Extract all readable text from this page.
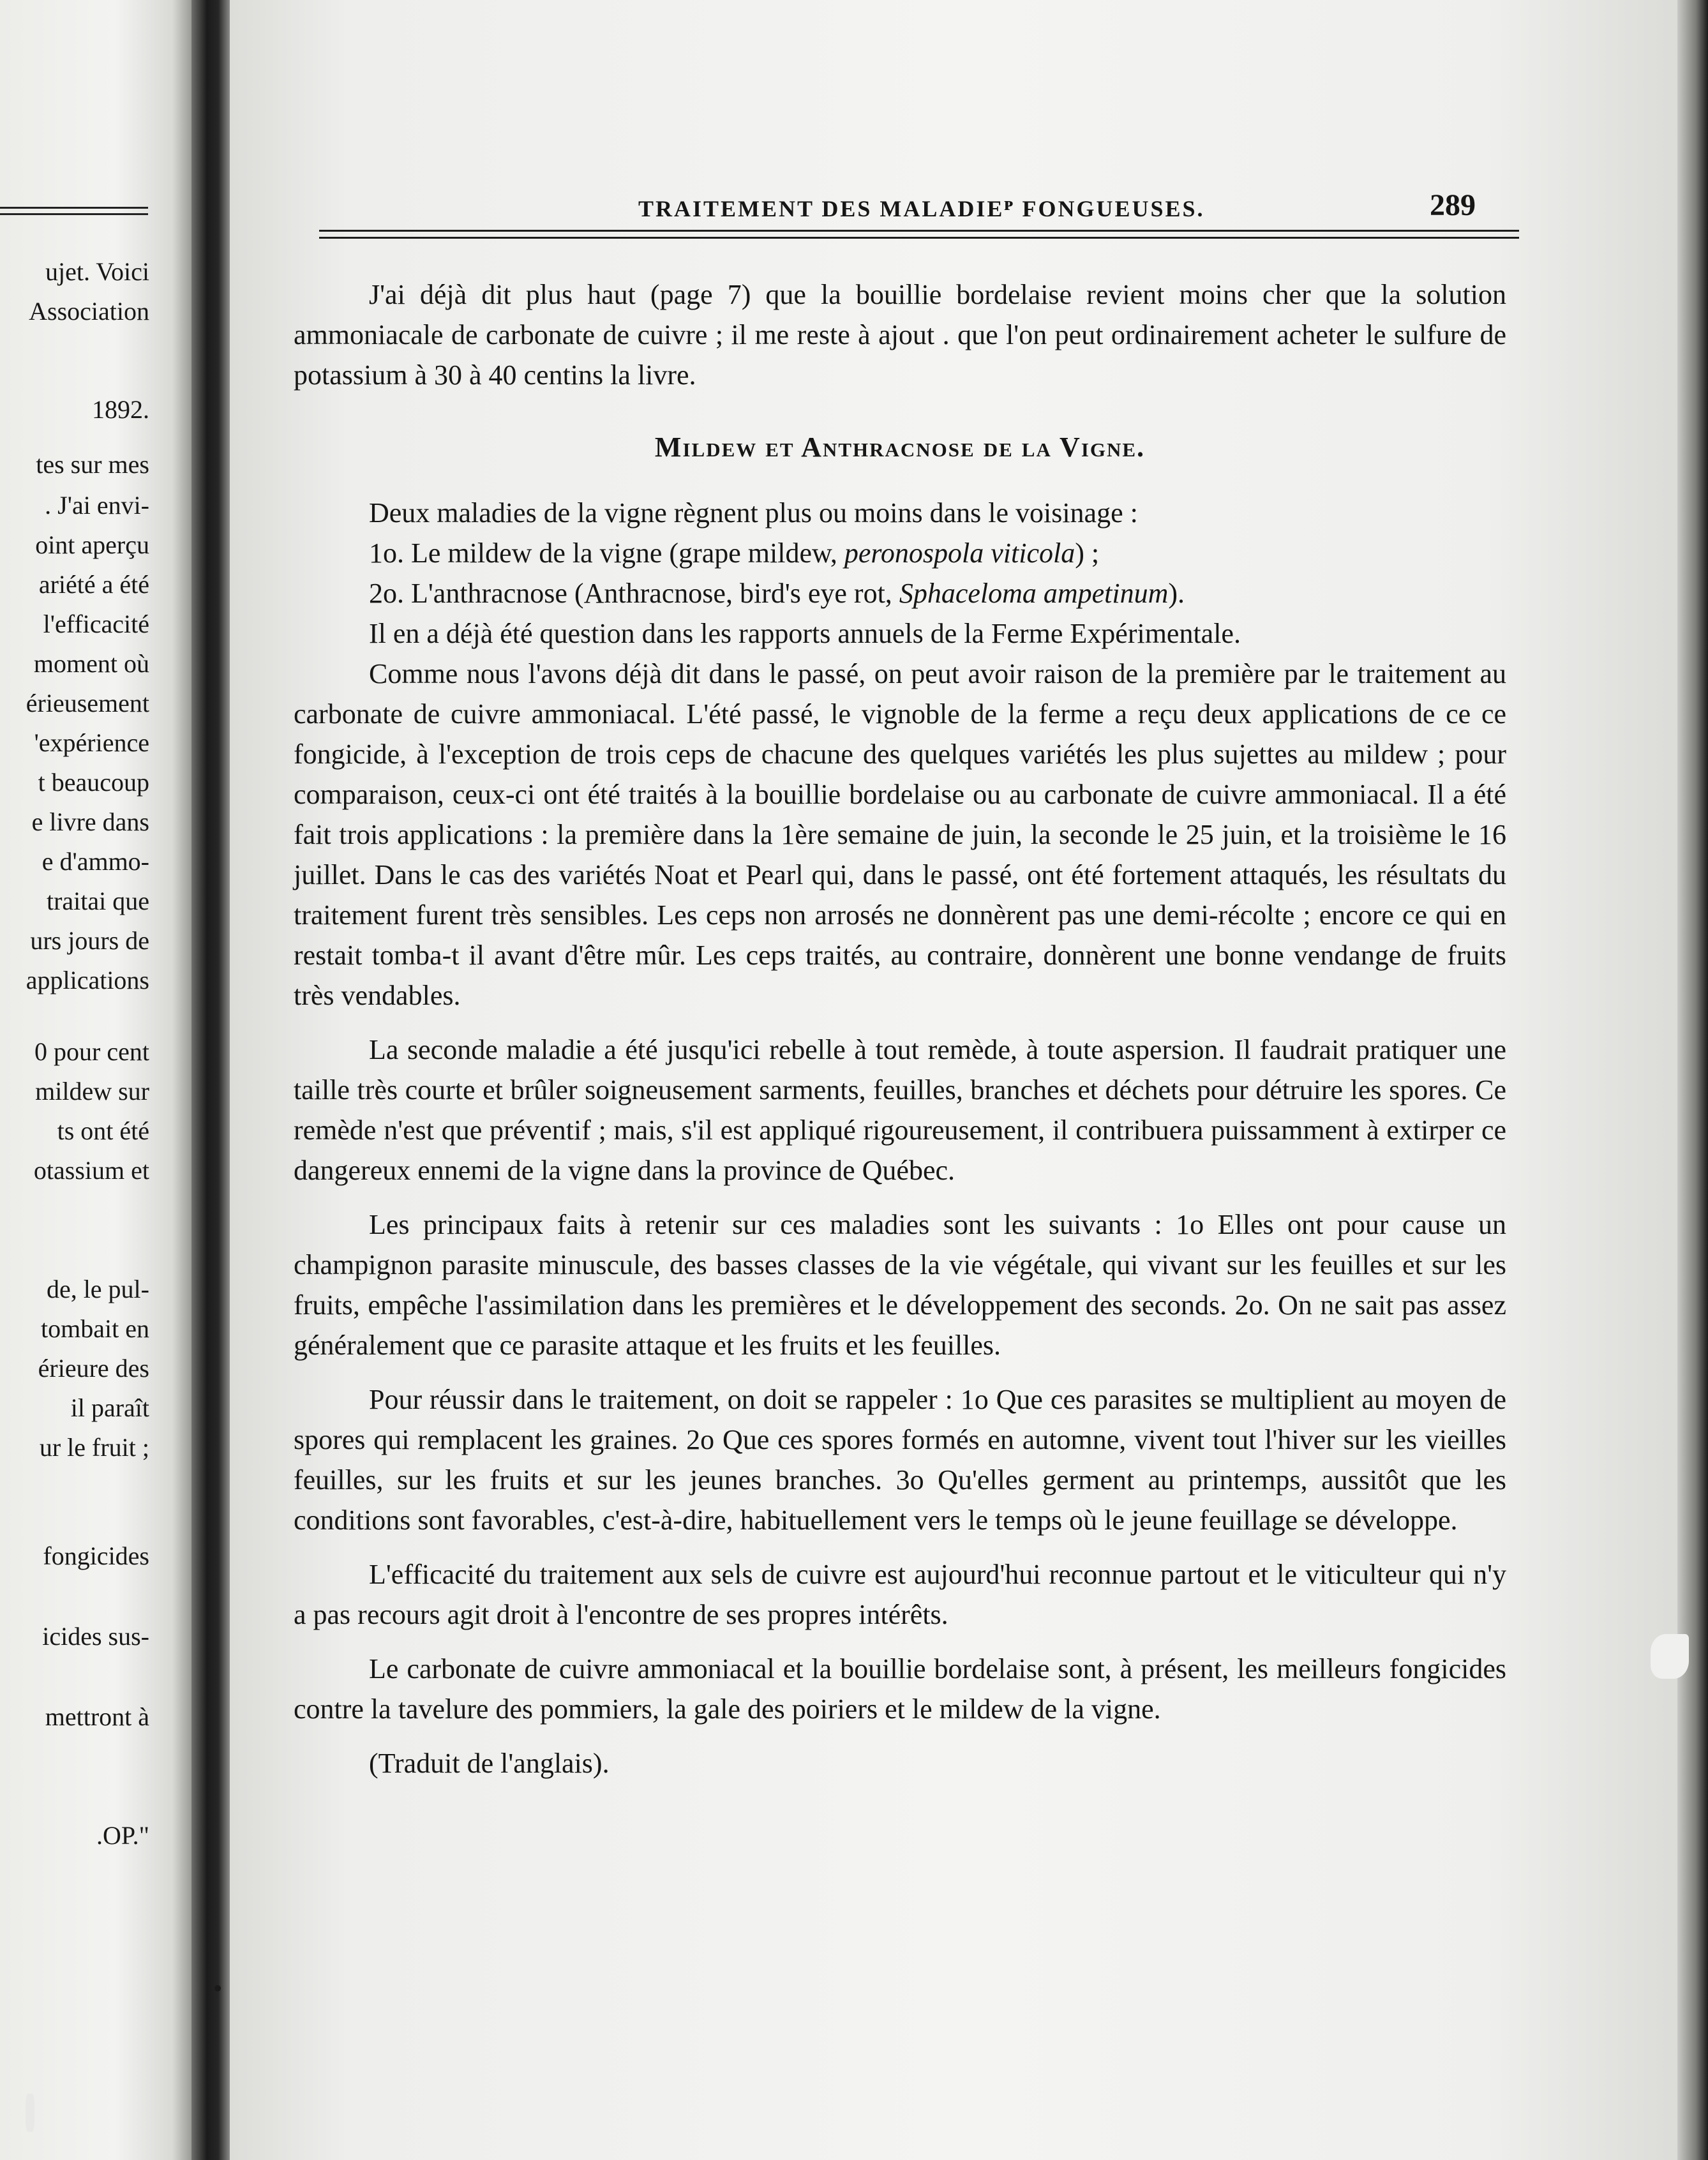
ujet. Voici

Association

1892.

tes sur mes

. J'ai envi-

oint aperçu

ariété a été

l'efficacité

moment où

érieusement

'expérience

t beaucoup

e livre dans

e d'ammo-

traitai que

urs jours de

applications

0 pour cent

mildew sur

ts ont été

otassium et

de, le pul-

tombait en

érieure des

il paraît

ur le fruit ;

fongicides

icides sus-

mettront à

.OP."

TRAITEMENT DES MALADIEᴾ FONGUEUSES.	289

J'ai déjà dit plus haut (page 7) que la bouillie bordelaise revient moins cher que la solution ammoniacale de carbonate de cuivre ; il me reste à ajout . que l'on peut ordinairement acheter le sulfure de potassium à 30 à 40 centins la livre.

Mildew et Anthracnose de la Vigne.

Deux maladies de la vigne règnent plus ou moins dans le voisinage :

1o. Le mildew de la vigne (grape mildew, peronospola viticola) ;

2o. L'anthracnose (Anthracnose, bird's eye rot, Sphaceloma ampetinum).

Il en a déjà été question dans les rapports annuels de la Ferme Expérimentale.

Comme nous l'avons déjà dit dans le passé, on peut avoir raison de la première par le traitement au carbonate de cuivre ammoniacal. L'été passé, le vignoble de la ferme a reçu deux applications de ce ce fongicide, à l'exception de trois ceps de chacune des quelques variétés les plus sujettes au mildew ; pour comparaison, ceux-ci ont été traités à la bouillie bordelaise ou au carbonate de cuivre ammoniacal. Il a été fait trois applications : la première dans la 1ère semaine de juin, la seconde le 25 juin, et la troisième le 16 juillet. Dans le cas des variétés Noat et Pearl qui, dans le passé, ont été fortement attaqués, les résultats du traitement furent très sensibles. Les ceps non arrosés ne donnèrent pas une demi-récolte ; encore ce qui en restait tomba-t il avant d'être mûr. Les ceps traités, au contraire, donnèrent une bonne vendange de fruits très vendables.

La seconde maladie a été jusqu'ici rebelle à tout remède, à toute aspersion. Il faudrait pratiquer une taille très courte et brûler soigneusement sarments, feuilles, branches et déchets pour détruire les spores. Ce remède n'est que préventif ; mais, s'il est appliqué rigoureusement, il contribuera puissamment à extirper ce dangereux ennemi de la vigne dans la province de Québec.

Les principaux faits à retenir sur ces maladies sont les suivants : 1o Elles ont pour cause un champignon parasite minuscule, des basses classes de la vie végétale, qui vivant sur les feuilles et sur les fruits, empêche l'assimilation dans les premières et le développement des seconds. 2o. On ne sait pas assez généralement que ce parasite attaque et les fruits et les feuilles.

Pour réussir dans le traitement, on doit se rappeler : 1o Que ces parasites se multiplient au moyen de spores qui remplacent les graines. 2o Que ces spores formés en automne, vivent tout l'hiver sur les vieilles feuilles, sur les fruits et sur les jeunes branches. 3o Qu'elles germent au printemps, aussitôt que les conditions sont favorables, c'est-à-dire, habituellement vers le temps où le jeune feuillage se développe.

L'efficacité du traitement aux sels de cuivre est aujourd'hui reconnue partout et le viticulteur qui n'y a pas recours agit droit à l'encontre de ses propres intérêts.

Le carbonate de cuivre ammoniacal et la bouillie bordelaise sont, à présent, les meilleurs fongicides contre la tavelure des pommiers, la gale des poiriers et le mildew de la vigne.

(Traduit de l'anglais).
